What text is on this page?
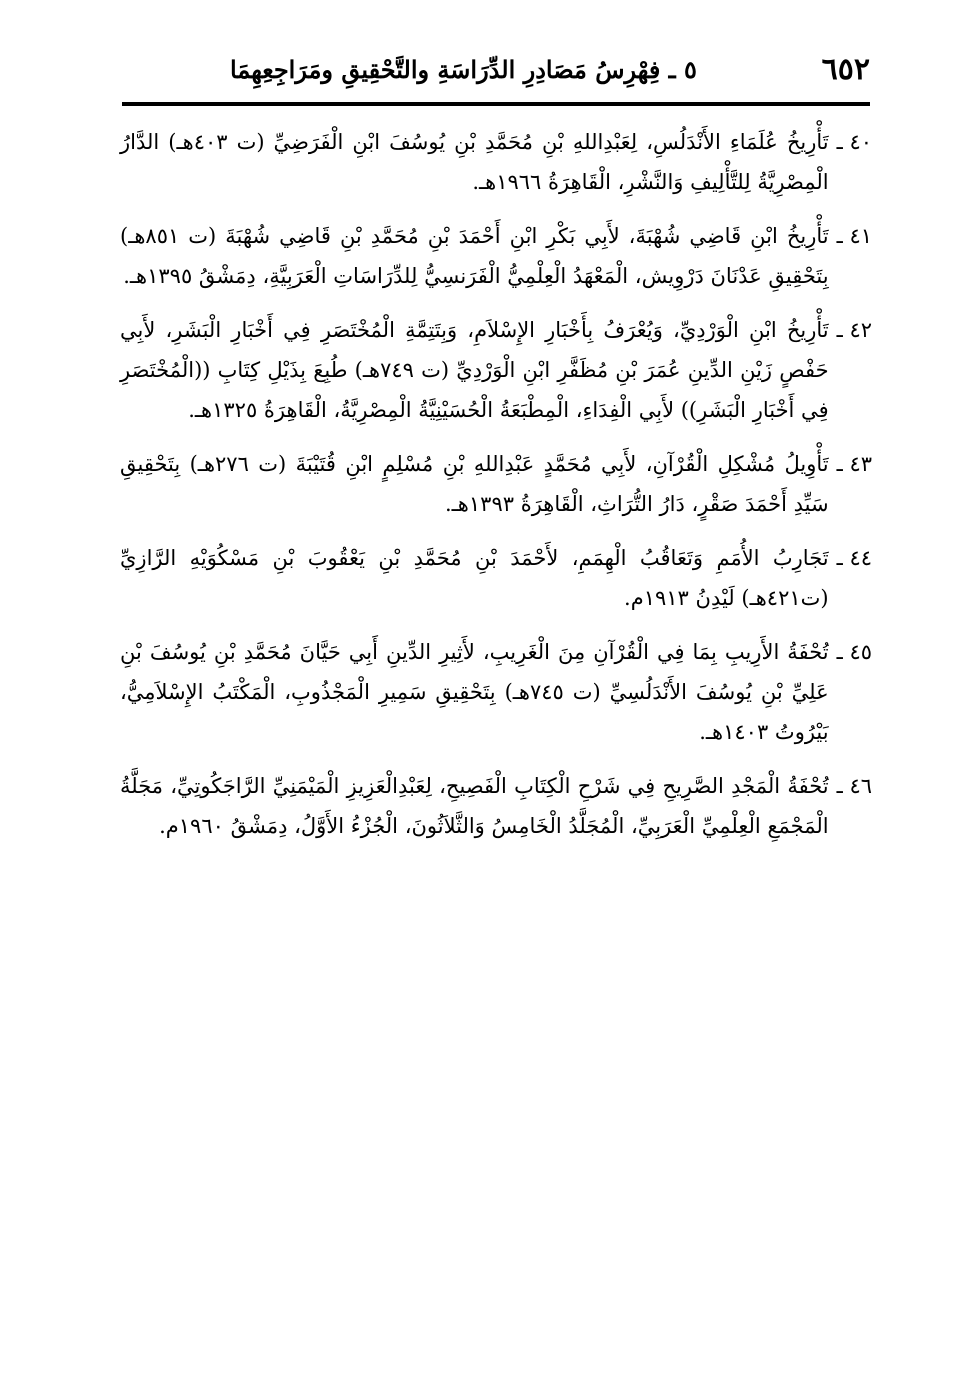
٦٥٢
٥ ـ فِهْرِسُ مَصَادِرِ الدِّرَاسَةِ والتَّحْقِيقِ ومَرَاجِعِهِمَا
٤٠ ـ
تَأْرِيخُ عُلَمَاءِ الأَنْدَلُسِ، لِعَبْدِاللهِ بْنِ مُحَمَّدِ بْنِ يُوسُفَ ابْنِ الْفَرَضِيِّ (ت ٤٠٣هـ) الدَّارُ الْمِصْرِيَّةُ لِلتَّأْلِيفِ وَالنَّشْرِ، الْقَاهِرَةُ ١٩٦٦هـ.
٤١ ـ
تَأْرِيخُ ابْنِ قَاضِي شُهْبَةَ، لأَبِي بَكْرِ ابْنِ أَحْمَدَ بْنِ مُحَمَّدِ بْنِ قَاضِي شُهْبَةَ (ت ٨٥١هـ) بِتَحْقِيقِ عَدْنَانَ دَرْوِيش، الْمَعْهَدُ الْعِلْمِيُّ الْفَرَنسِيُّ لِلدِّرَاسَاتِ الْعَرَبِيَّةِ، دِمَشْقُ ١٣٩٥هـ.
٤٢ ـ
تَأْرِيخُ ابْنِ الْوَرْدِيِّ، وَيُعْرَفُ بِأَخْبَارِ الإِسْلاَمِ، وَبِتَتِمَّةِ الْمُخْتَصَرِ فِي أَخْبَارِ الْبَشَرِ، لأَبِي حَفْصٍ زَيْنِ الدِّينِ عُمَرَ بْنِ مُظَفَّرِ ابْنِ الْوَرْدِيِّ (ت ٧٤٩هـ) طُبِعَ بِذَيْلِ كِتَابِ ((الْمُخْتَصَرِ فِي أَخْبَارِ الْبَشَرِ)) لأَبِي الْفِدَاءِ، الْمِطْبَعَةُ الْحُسَيْنِيَّةُ الْمِصْرِيَّةُ، الْقَاهِرَةُ ١٣٢٥هـ.
٤٣ ـ
تَأْوِيلُ مُشْكِلِ الْقُرْآنِ، لأَبِي مُحَمَّدٍ عَبْدِاللهِ بْنِ مُسْلِمٍ ابْنِ قُتَيْبَةَ (ت ٢٧٦هـ) بِتَحْقِيقِ سَيِّدِ أَحْمَدَ صَقْرٍ، دَارُ التُّرَاثِ، الْقَاهِرَةُ ١٣٩٣هـ.
٤٤ ـ
تَجَارِبُ الأُمَمِ وَتَعَاقُبُ الْهِمَمِ، لأَحْمَدَ بْنِ مُحَمَّدِ بْنِ يَعْقُوبَ بْنِ مَسْكُوَيْهِ الرَّازِيِّ (ت٤٢١هـ) لَيْدِنُ ١٩١٣م.
٤٥ ـ
تُحْفَةُ الأَرِيبِ بِمَا فِي الْقُرْآنِ مِنَ الْغَرِيبِ، لأَثِيرِ الدِّينِ أَبِي حَيَّانَ مُحَمَّدِ بْنِ يُوسُفَ بْنِ عَلِيِّ بْنِ يُوسُفَ الأَنْدَلُسِيِّ (ت ٧٤٥هـ) بِتَحْقِيقِ سَمِيرِ الْمَجْذُوبِ، الْمَكْتَبُ الإِسْلاَمِيُّ، بَيْرُوتُ ١٤٠٣هـ.
٤٦ ـ
تُحْفَةُ الْمَجْدِ الصَّرِيحِ فِي شَرْحِ الْكِتَابِ الْفَصِيحِ، لِعَبْدِالْعَزِيزِ الْمَيْمَنِيِّ الرَّاجَكُوتِيِّ، مَجَلَّةُ الْمَجْمَعِ الْعِلْمِيِّ الْعَرَبِيِّ، الْمُجَلَّدُ الْخَامِسُ وَالثَّلاَثُونَ، الْجُزْءُ الأَوَّلُ، دِمَشْقُ ١٩٦٠م.
